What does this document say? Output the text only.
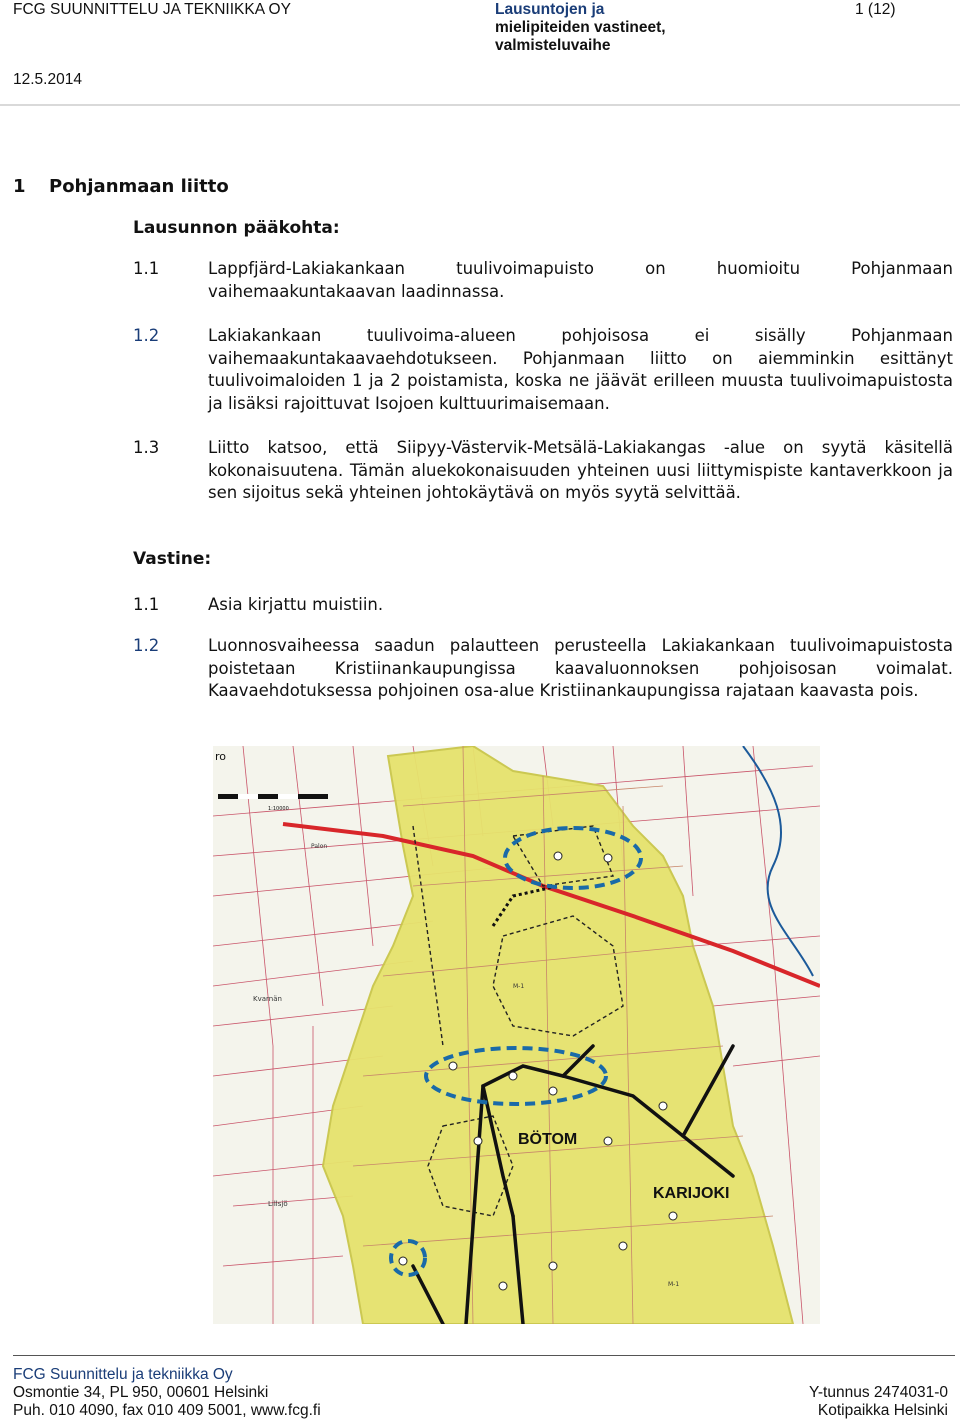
FCG SUUNNITTELU JA TEKNIIKKA OY	Lausuntojen ja
mielipiteiden vastineet,
valmisteluvaihe
1 (12)
12.5.2014
1 Pohjanmaan liitto
Lausunnon pääkohta:
1.1	Lappfjärd-Lakiakankaan tuulivoimapuisto on huomioitu Pohjanmaan vaihemaakuntakaavan laadinnassa.
1.2	Lakiakankaan tuulivoima-alueen pohjoisosa ei sisälly Pohjanmaan vaihemaakuntakaavaehdotukseen. Pohjanmaan liitto on aiemminkin esittänyt tuulivoimaloiden 1 ja 2 poistamista, koska ne jäävät erilleen muusta tuulivoimapuistosta ja lisäksi rajoittuvat Isojoen kulttuurimaisemaan.
1.3	Liitto katsoo, että Siipyy-Västervik-Metsälä-Lakiakangas -alue on syytä käsitellä kokonaisuutena. Tämän aluekokonaisuuden yhteinen uusi liittymispiste kantaverkkoon ja sen sijoitus sekä yhteinen johtokäytävä on myös syytä selvittää.
Vastine:
1.1	Asia kirjattu muistiin.
1.2	Luonnosvaiheessa saadun palautteen perusteella Lakiakankaan tuulivoimapuistosta poistetaan Kristiinankaupungissa kaavaluonnoksen pohjoisosan voimalat. Kaavaehdotuksessa pohjoinen osa-alue Kristiinankaupungissa rajataan kaavasta pois.
1:10000
ro
BÖTOM
KARIJOKI
M-1
M-1
Kvarnän
Lillsjö
Palon
FCG Suunnittelu ja tekniikka Oy
Osmontie 34, PL 950, 00601 Helsinki
Puh. 010 4090, fax 010 409 5001, www.fcg.fi
Y-tunnus 2474031-0
Kotipaikka Helsinki
